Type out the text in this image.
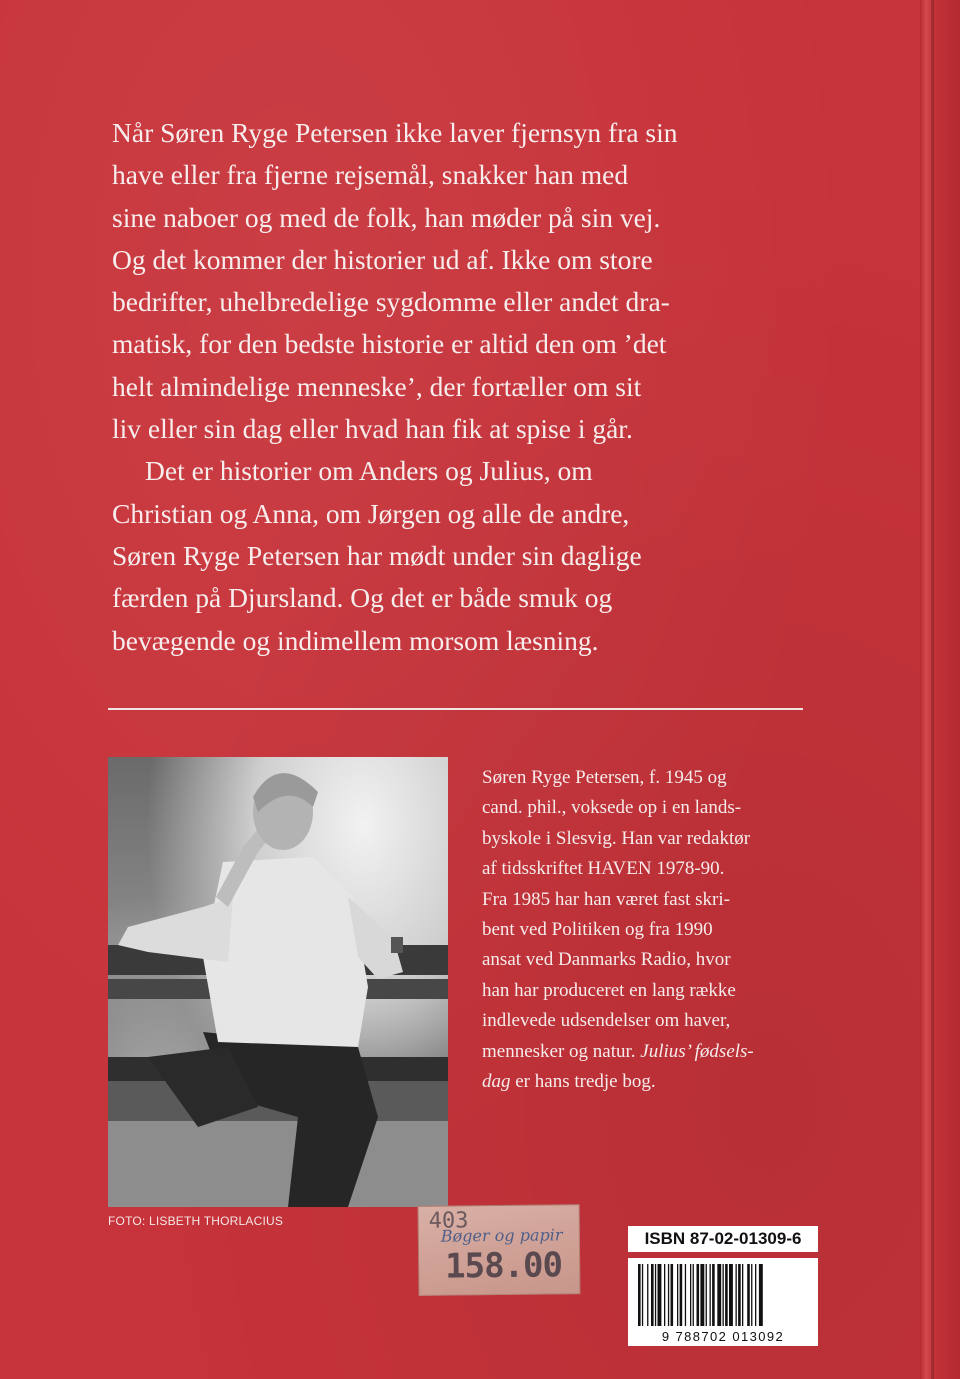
Når Søren Ryge Petersen ikke laver fjernsyn fra sin
have eller fra fjerne rejsemål, snakker han med
sine naboer og med de folk, han møder på sin vej.
Og det kommer der historier ud af. Ikke om store
bedrifter, uhelbredelige sygdomme eller andet dra-
matisk, for den bedste historie er altid den om ’det
helt almindelige menneske’, der fortæller om sit
liv eller sin dag eller hvad han fik at spise i går.

Det er historier om Anders og Julius, om
Christian og Anna, om Jørgen og alle de andre,
Søren Ryge Petersen har mødt under sin daglige
færden på Djursland. Og det er både smuk og
bevægende og indimellem morsom læsning.

FOTO: LISBETH THORLACIUS
Søren Ryge Petersen, f. 1945 og
cand. phil., voksede op i en lands-
byskole i Slesvig. Han var redaktør
af tidsskriftet HAVEN 1978-90.
Fra 1985 har han været fast skri-
bent ved Politiken og fra 1990
ansat ved Danmarks Radio, hvor
han har produceret en lang række
indlevede udsendelser om haver,
mennesker og natur. Julius’ fødsels-
dag er hans tredje bog.
403
Bøger og papir
158.00
ISBN 87-02-01309-6
9 788702 013092
